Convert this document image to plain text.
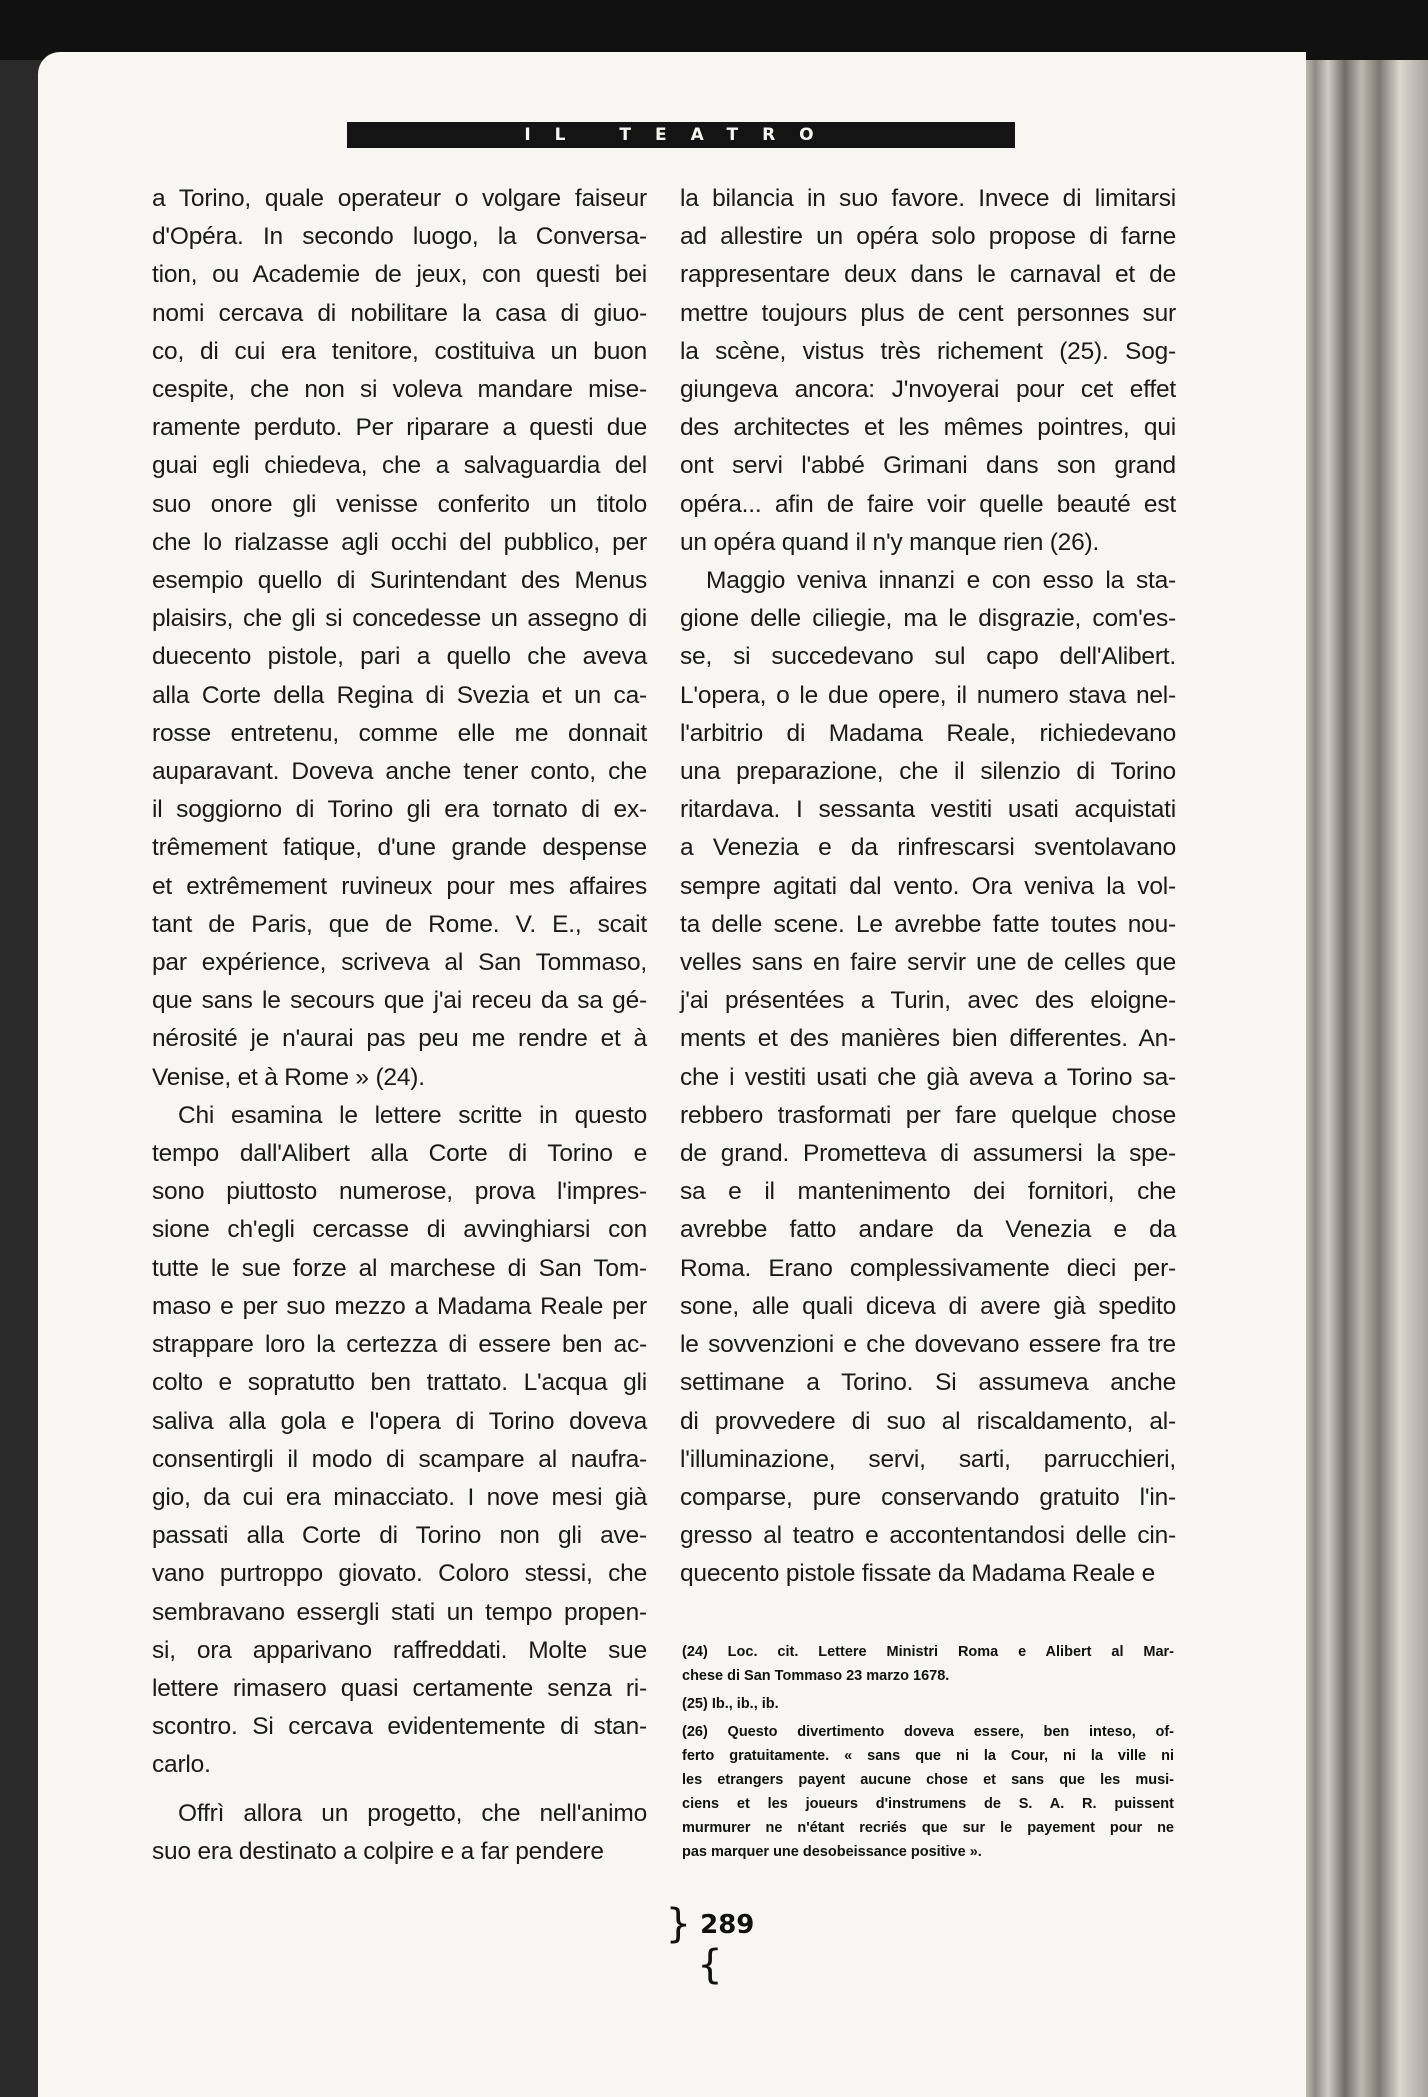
IL TEATRO
a Torino, quale operateur o volgare faiseur
d'Opéra. In secondo luogo, la Conversa-
tion, ou Academie de jeux, con questi bei
nomi cercava di nobilitare la casa di giuo-
co, di cui era tenitore, costituiva un buon
cespite, che non si voleva mandare mise-
ramente perduto. Per riparare a questi due
guai egli chiedeva, che a salvaguardia del
suo onore gli venisse conferito un titolo
che lo rialzasse agli occhi del pubblico, per
esempio quello di Surintendant des Menus
plaisirs, che gli si concedesse un assegno di
duecento pistole, pari a quello che aveva
alla Corte della Regina di Svezia et un ca-
rosse entretenu, comme elle me donnait
auparavant. Doveva anche tener conto, che
il soggiorno di Torino gli era tornato di ex-
trêmement fatique, d'une grande despense
et extrêmement ruvineux pour mes affaires
tant de Paris, que de Rome. V. E., scait
par expérience, scriveva al San Tommaso,
que sans le secours que j'ai receu da sa gé-
nérosité je n'aurai pas peu me rendre et à
Venise, et à Rome » (24).
Chi esamina le lettere scritte in questo
tempo dall'Alibert alla Corte di Torino e
sono piuttosto numerose, prova l'impres-
sione ch'egli cercasse di avvinghiarsi con
tutte le sue forze al marchese di San Tom-
maso e per suo mezzo a Madama Reale per
strappare loro la certezza di essere ben ac-
colto e sopratutto ben trattato. L'acqua gli
saliva alla gola e l'opera di Torino doveva
consentirgli il modo di scampare al naufra-
gio, da cui era minacciato. I nove mesi già
passati alla Corte di Torino non gli ave-
vano purtroppo giovato. Coloro stessi, che
sembravano essergli stati un tempo propen-
si, ora apparivano raffreddati. Molte sue
lettere rimasero quasi certamente senza ri-
scontro. Si cercava evidentemente di stan-
carlo.
Offrì allora un progetto, che nell'animo
suo era destinato a colpire e a far pendere
la bilancia in suo favore. Invece di limitarsi
ad allestire un opéra solo propose di farne
rappresentare deux dans le carnaval et de
mettre toujours plus de cent personnes sur
la scène, vistus très richement (25). Sog-
giungeva ancora: J'nvoyerai pour cet effet
des architectes et les mêmes pointres, qui
ont servi l'abbé Grimani dans son grand
opéra... afin de faire voir quelle beauté est
un opéra quand il n'y manque rien (26).
Maggio veniva innanzi e con esso la sta-
gione delle ciliegie, ma le disgrazie, com'es-
se, si succedevano sul capo dell'Alibert.
L'opera, o le due opere, il numero stava nel-
l'arbitrio di Madama Reale, richiedevano
una preparazione, che il silenzio di Torino
ritardava. I sessanta vestiti usati acquistati
a Venezia e da rinfrescarsi sventolavano
sempre agitati dal vento. Ora veniva la vol-
ta delle scene. Le avrebbe fatte toutes nou-
velles sans en faire servir une de celles que
j'ai présentées a Turin, avec des eloigne-
ments et des manières bien differentes. An-
che i vestiti usati che già aveva a Torino sa-
rebbero trasformati per fare quelque chose
de grand. Prometteva di assumersi la spe-
sa e il mantenimento dei fornitori, che
avrebbe fatto andare da Venezia e da
Roma. Erano complessivamente dieci per-
sone, alle quali diceva di avere già spedito
le sovvenzioni e che dovevano essere fra tre
settimane a Torino. Si assumeva anche
di provvedere di suo al riscaldamento, al-
l'illuminazione, servi, sarti, parrucchieri,
comparse, pure conservando gratuito l'in-
gresso al teatro e accontentandosi delle cin-
quecento pistole fissate da Madama Reale e
(24) Loc. cit. Lettere Ministri Roma e Alibert al Mar-
chese di San Tommaso 23 marzo 1678.
(25) Ib., ib., ib.
(26) Questo divertimento doveva essere, ben inteso, of-
ferto gratuitamente. « sans que ni la Cour, ni la ville ni
les etrangers payent aucune chose et sans que les musi-
ciens et les joueurs d'instrumens de S. A. R. puissent
murmurer ne n'étant recriés que sur le payement pour ne
pas marquer une desobeissance positive ».
} 289 {
